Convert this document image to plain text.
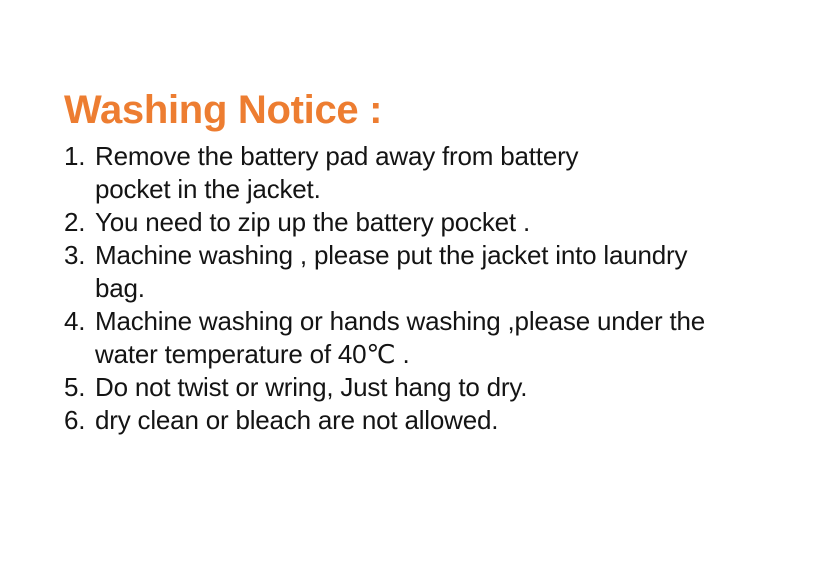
Washing Notice :
1. Remove the battery pad away from battery
pocket in the jacket.
2. You need to zip up the battery pocket .
3. Machine washing , please put the jacket into laundry
bag.
4. Machine washing or hands washing ,please under the
water temperature of 40℃ .
5. Do not twist or wring, Just hang to dry.
6. dry clean or bleach are not allowed.
